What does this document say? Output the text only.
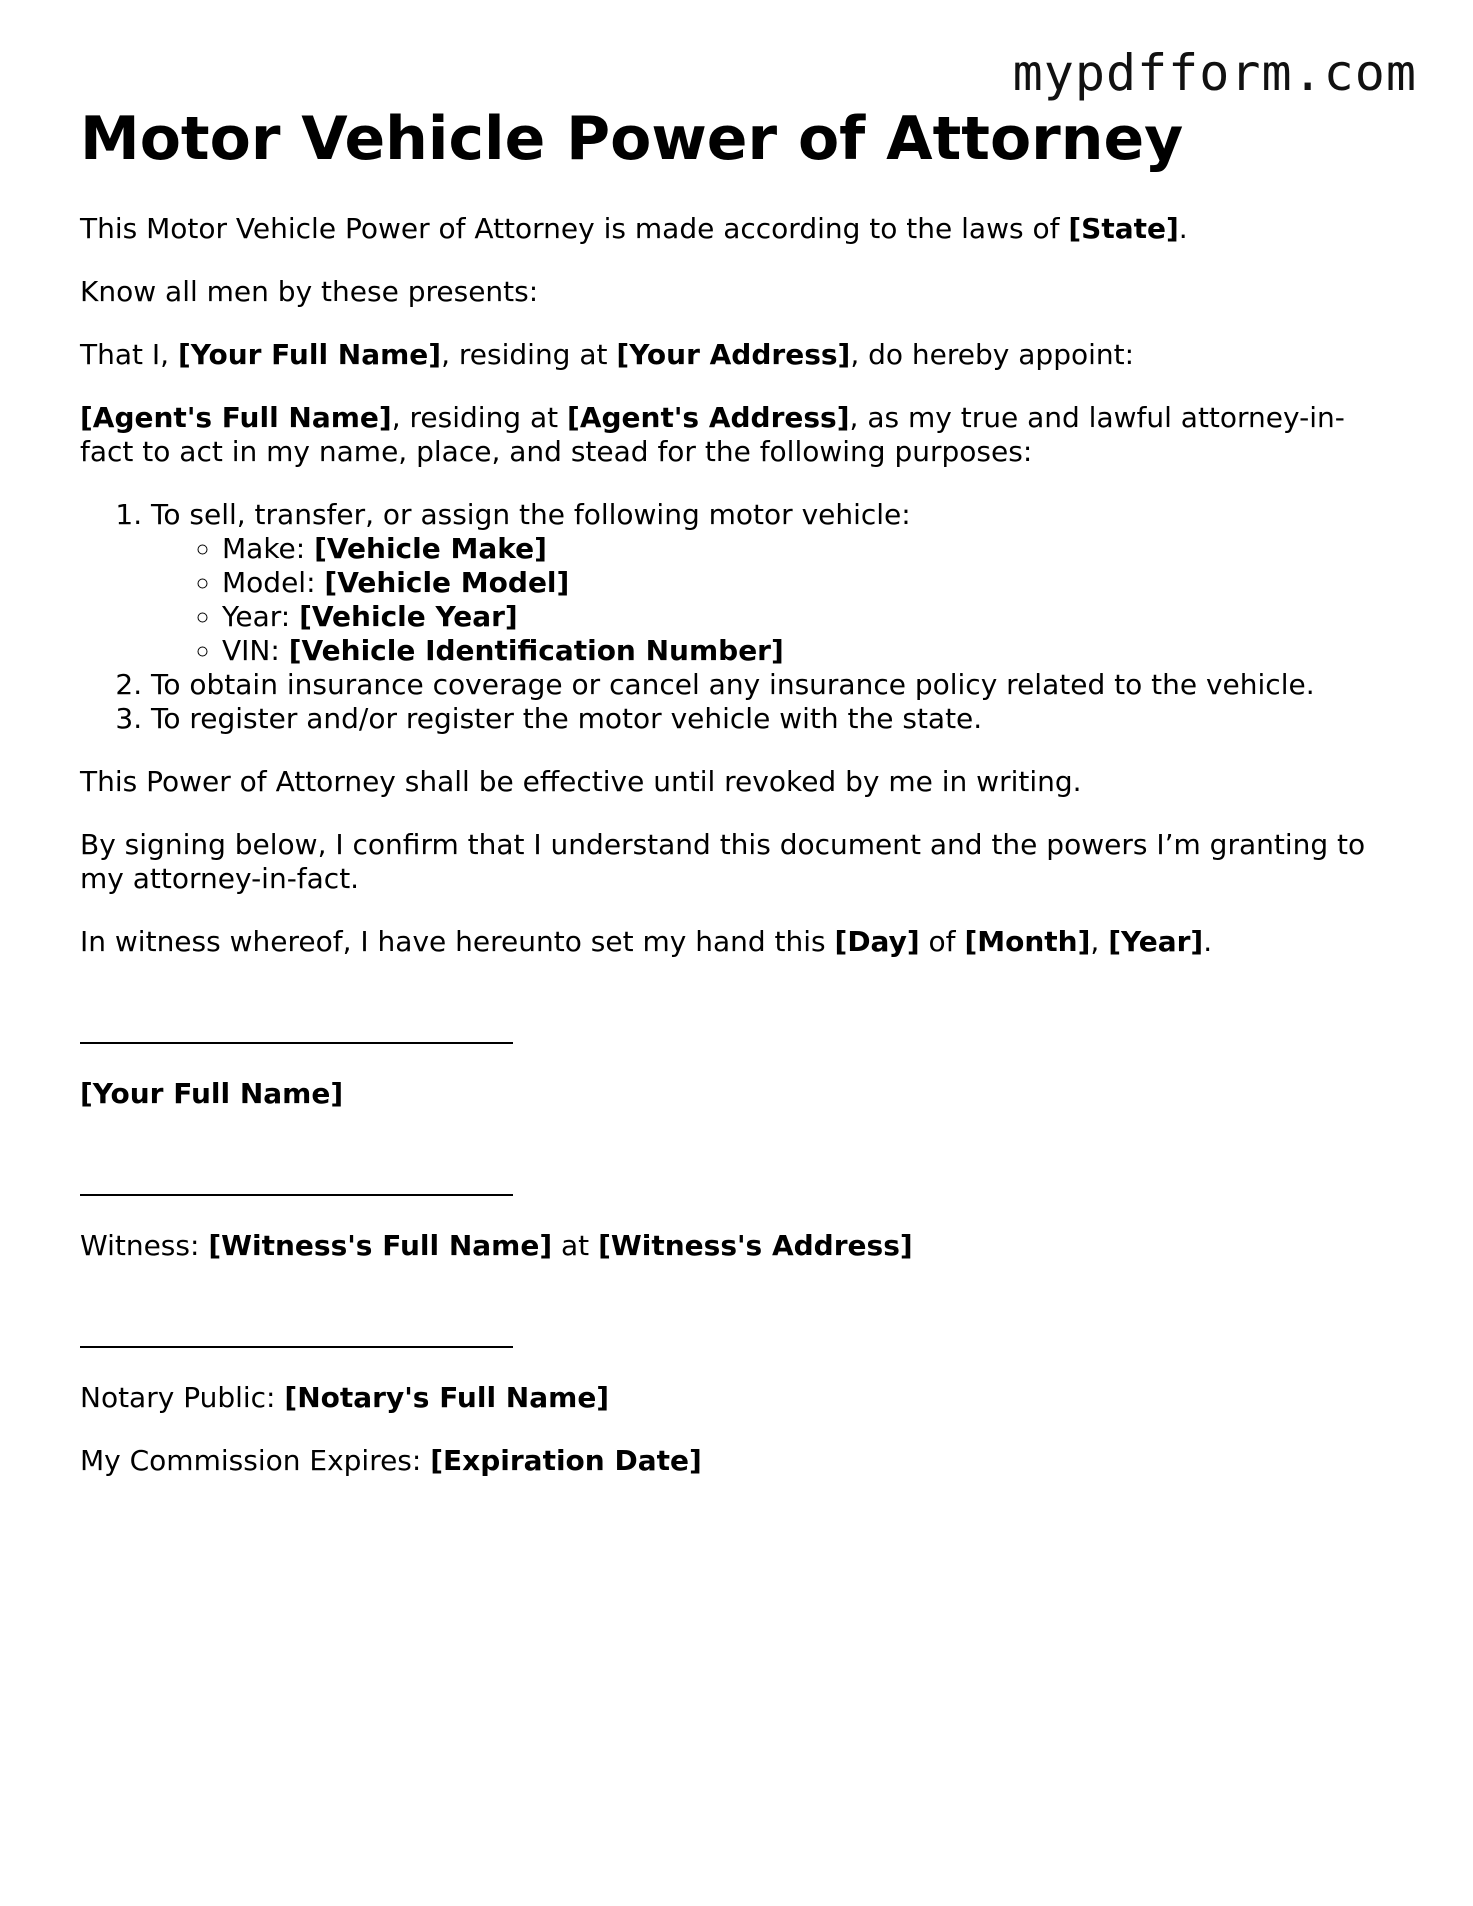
mypdfform.com
Motor Vehicle Power of Attorney

This Motor Vehicle Power of Attorney is made according to the laws of [State].

Know all men by these presents:

That I, [Your Full Name], residing at [Your Address], do hereby appoint:

[Agent's Full Name], residing at [Agent's Address], as my true and lawful attorney-in-fact to act in my name, place, and stead for the following purposes:

1. To sell, transfer, or assign the following motor vehicle:
◦ Make: [Vehicle Make]
◦ Model: [Vehicle Model]
◦ Year: [Vehicle Year]
◦ VIN: [Vehicle Identification Number]
2. To obtain insurance coverage or cancel any insurance policy related to the vehicle.
3. To register and/or register the motor vehicle with the state.

This Power of Attorney shall be effective until revoked by me in writing.

By signing below, I confirm that I understand this document and the powers I’m granting to my attorney-in-fact.

In witness whereof, I have hereunto set my hand this [Day] of [Month], [Year].

[Your Full Name]

Witness: [Witness's Full Name] at [Witness's Address]

Notary Public: [Notary's Full Name]

My Commission Expires: [Expiration Date]
